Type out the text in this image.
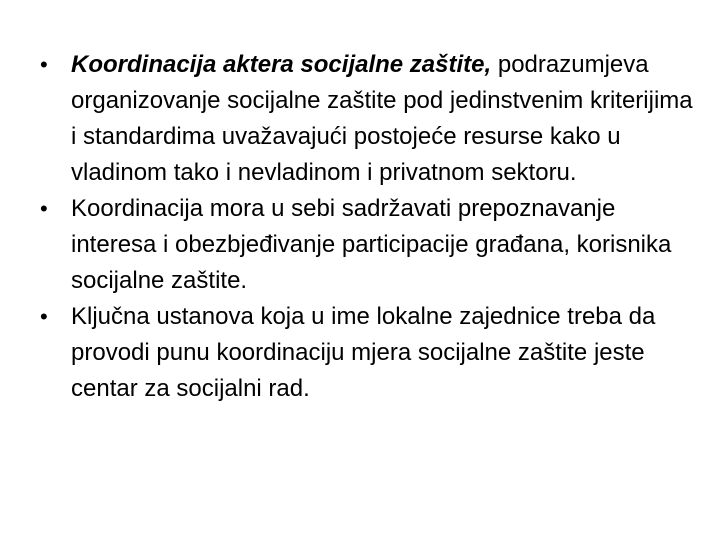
• Koordinacija aktera socijalne zaštite, podrazumjeva organizovanje socijalne zaštite pod jedinstvenim kriterijima i standardima uvažavajući postojeće resurse kako u vladinom tako i nevladinom i privatnom sektoru.
• Koordinacija mora u sebi sadržavati prepoznavanje interesa i obezbjeđivanje participacije građana, korisnika socijalne zaštite.
• Ključna ustanova koja u ime lokalne zajednice treba da provodi punu koordinaciju mjera socijalne zaštite jeste centar za socijalni rad.
